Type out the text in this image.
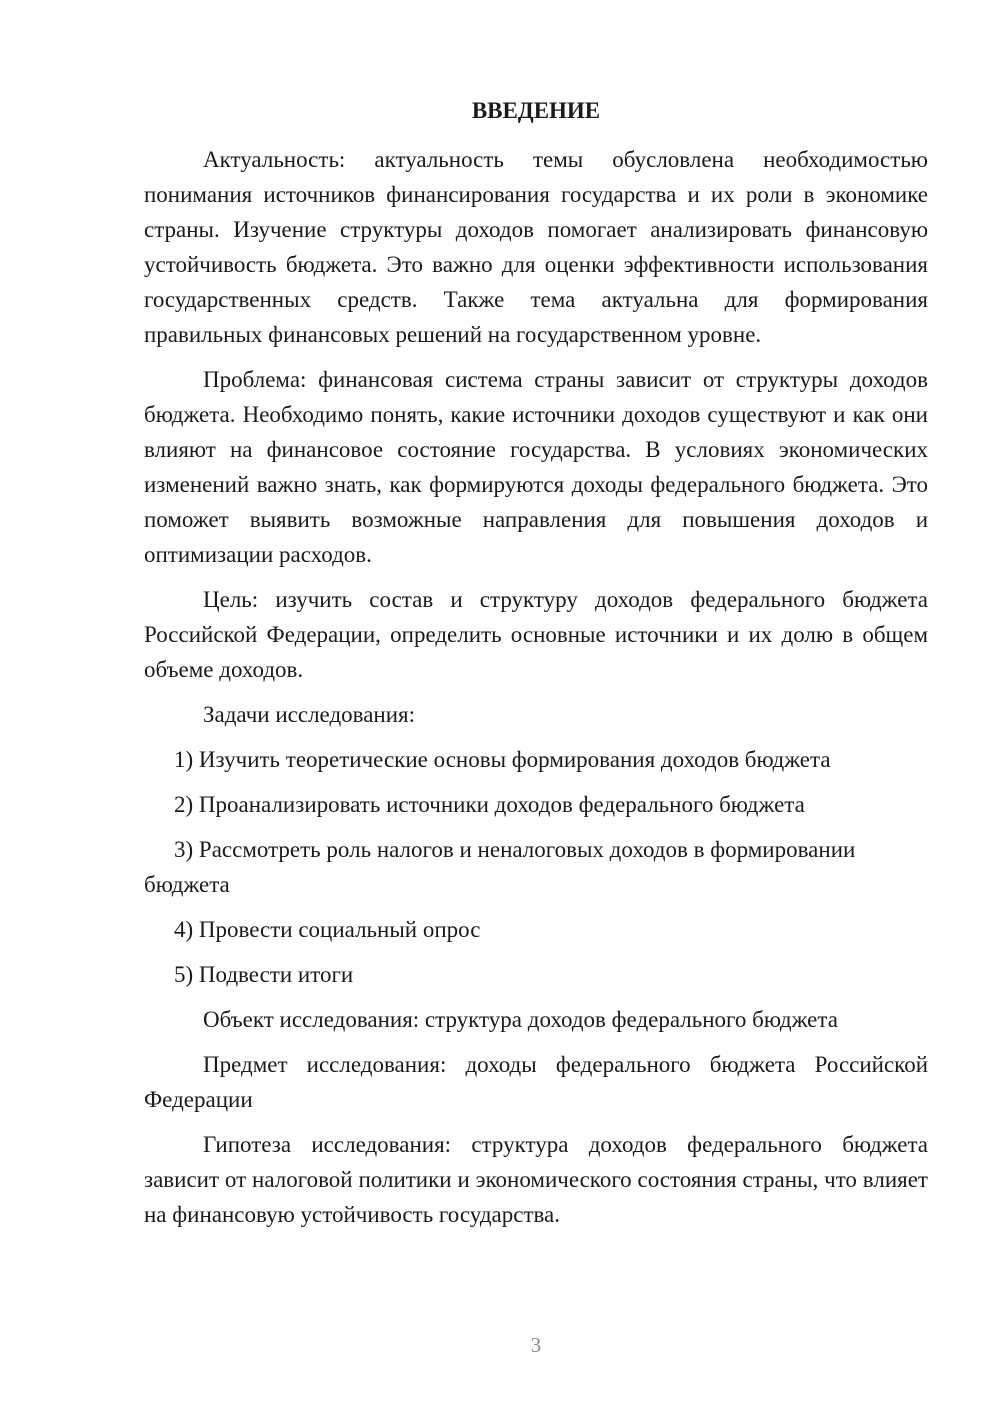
ВВЕДЕНИЕ

Актуальность: актуальность темы обусловлена необходимостью понимания источников финансирования государства и их роли в экономике страны. Изучение структуры доходов помогает анализировать финансовую устойчивость бюджета. Это важно для оценки эффективности использования государственных средств. Также тема актуальна для формирования правильных финансовых решений на государственном уровне.

Проблема: финансовая система страны зависит от структуры доходов бюджета. Необходимо понять, какие источники доходов существуют и как они влияют на финансовое состояние государства. В условиях экономических изменений важно знать, как формируются доходы федерального бюджета. Это поможет выявить возможные направления для повышения доходов и оптимизации расходов.

Цель: изучить состав и структуру доходов федерального бюджета Российской Федерации, определить основные источники и их долю в общем объеме доходов.

Задачи исследования:

1) Изучить теоретические основы формирования доходов бюджета

2) Проанализировать источники доходов федерального бюджета

3) Рассмотреть роль налогов и неналоговых доходов в формировании бюджета

4) Провести социальный опрос

5) Подвести итоги

Объект исследования: структура доходов федерального бюджета

Предмет исследования: доходы федерального бюджета Российской Федерации

Гипотеза исследования: структура доходов федерального бюджета зависит от налоговой политики и экономического состояния страны, что влияет на финансовую устойчивость государства.

3
